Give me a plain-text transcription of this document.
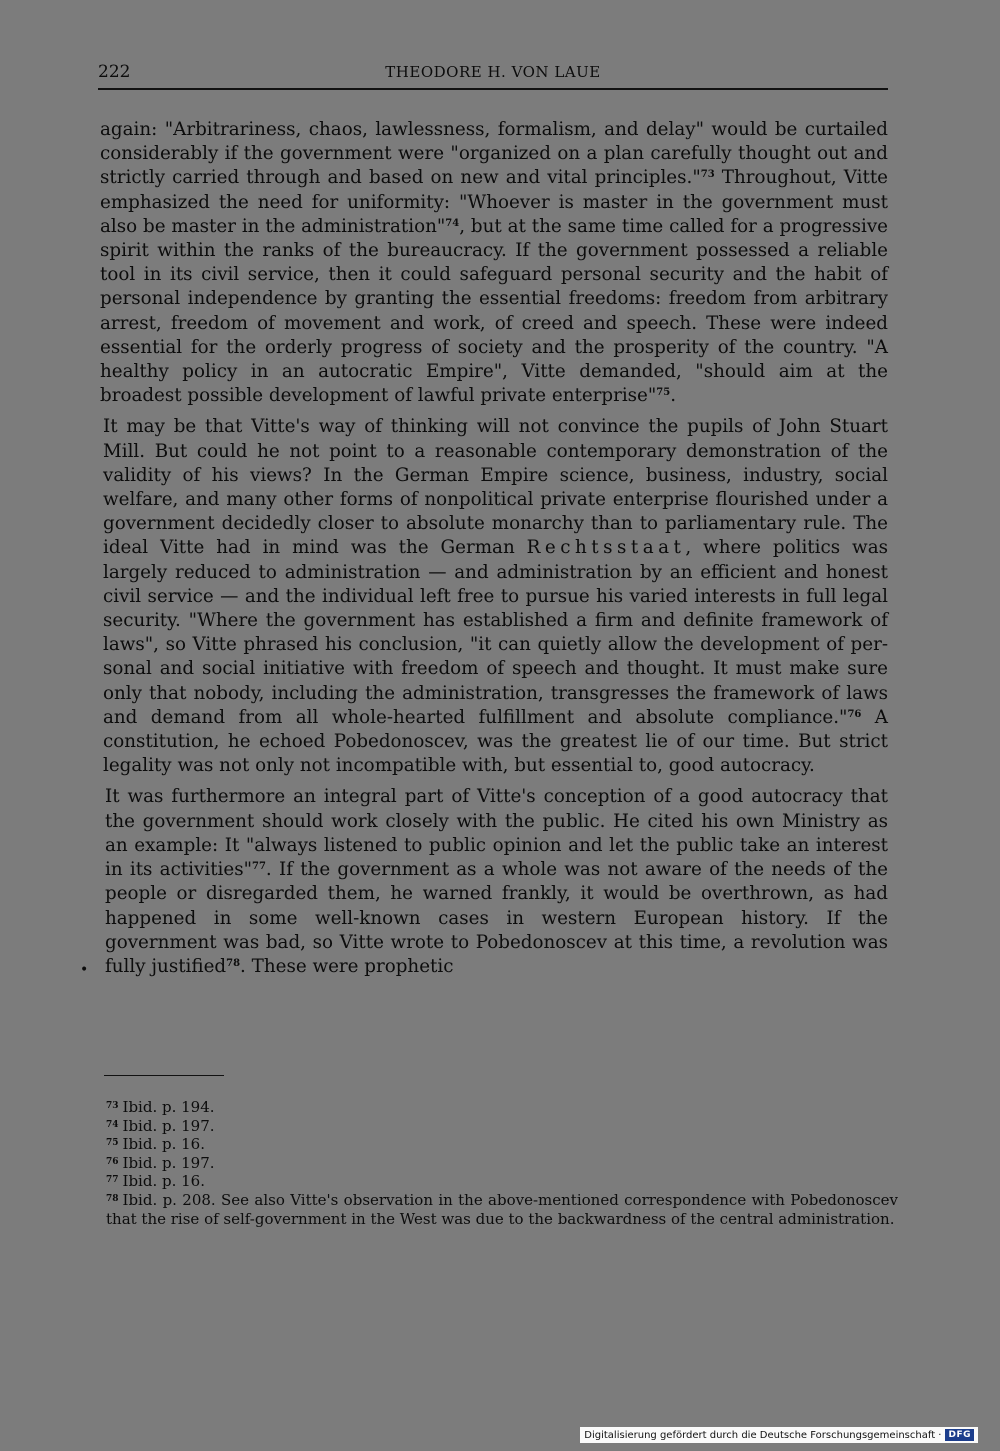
222	THEODORE H. VON LAUE

again: "Arbitrariness, chaos, lawlessness, formalism, and delay" would be curtailed considerably if the government were "organized on a plan carefully thought out and strictly carried through and based on new and vital principles."$^{73}$ Throughout, Vitte emphasized the need for uniformity: "Whoever is master in the government must also be master in the administration"$^{74}$, but at the same time called for a progressive spirit within the ranks of the bureaucracy. If the government possessed a reliable tool in its civil service, then it could safeguard personal security and the habit of personal independence by granting the essential freedoms: freedom from arbitrary arrest, freedom of movement and work, of creed and speech. These were indeed essential for the orderly progress of society and the prosperity of the country. "A healthy policy in an autocratic Empire", Vitte demanded, "should aim at the broadest possible development of lawful private enterprise"$^{75}$.

It may be that Vitte's way of thinking will not convince the pupils of John Stuart Mill. But could he not point to a reasonable contemporary demonstration of the validity of his views? In the German Empire science, business, industry, social welfare, and many other forms of nonpolitical private enterprise flourished under a government decidedly closer to absolute monarchy than to parliamentary rule. The ideal Vitte had in mind was the German Rechtsstaat, where politics was largely reduced to administration — and administration by an efficient and honest civil service — and the individual left free to pursue his varied interests in full legal security. "Where the government has established a firm and definite framework of laws", so Vitte phrased his conclusion, "it can quietly allow the development of personal and social initiative with freedom of speech and thought. It must make sure only that nobody, including the administration, transgresses the framework of laws and demand from all whole-hearted fulfillment and absolute compliance."$^{76}$ A constitution, he echoed Pobedonoscev, was the greatest lie of our time. But strict legality was not only not incompatible with, but essential to, good autocracy.

It was furthermore an integral part of Vitte's conception of a good autocracy that the government should work closely with the public. He cited his own Ministry as an example: It "always listened to public opinion and let the public take an interest in its activities"$^{77}$. If the government as a whole was not aware of the needs of the people or disregarded them, he warned frankly, it would be overthrown, as had happened in some well-known cases in western European history. If the government was bad, so Vitte wrote to Pobedonoscev at this time, a revolution was fully justified$^{78}$. These were prophetic

•

$^{73}$ Ibid. p. 194.

$^{74}$ Ibid. p. 197.

$^{75}$ Ibid. p. 16.

$^{76}$ Ibid. p. 197.

$^{77}$ Ibid. p. 16.

$^{78}$ Ibid. p. 208. See also Vitte's observation in the above-mentioned correspondence with Pobedonoscev that the rise of self-government in the West was due to the backwardness of the central administration.

Digitalisierung gefördert durch die Deutsche Forschungsgemeinschaft · DFG
